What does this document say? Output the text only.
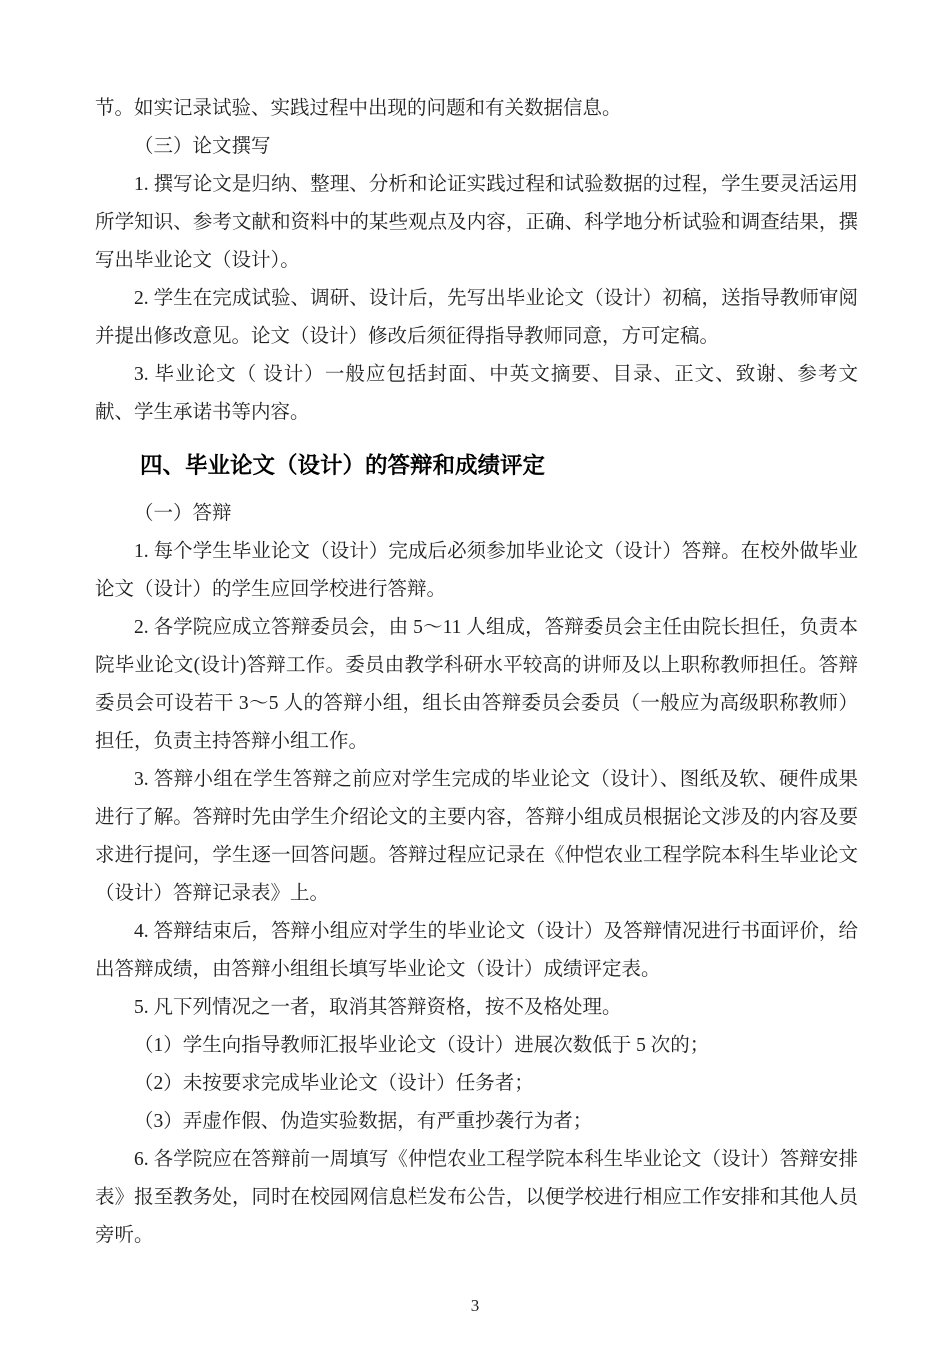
节。如实记录试验、实践过程中出现的问题和有关数据信息。

（三）论文撰写

1. 撰写论文是归纳、整理、分析和论证实践过程和试验数据的过程，学生要灵活运用所学知识、参考文献和资料中的某些观点及内容，正确、科学地分析试验和调查结果，撰写出毕业论文（设计）。

2. 学生在完成试验、调研、设计后，先写出毕业论文（设计）初稿，送指导教师审阅并提出修改意见。论文（设计）修改后须征得指导教师同意，方可定稿。

3. 毕业论文（ 设计）一般应包括封面、中英文摘要、目录、正文、致谢、参考文献、学生承诺书等内容。

四、毕业论文（设计）的答辩和成绩评定

（一）答辩

1. 每个学生毕业论文（设计）完成后必须参加毕业论文（设计）答辩。在校外做毕业论文（设计）的学生应回学校进行答辩。

2. 各学院应成立答辩委员会，由 5～11 人组成，答辩委员会主任由院长担任，负责本院毕业论文(设计)答辩工作。委员由教学科研水平较高的讲师及以上职称教师担任。答辩委员会可设若干 3～5 人的答辩小组，组长由答辩委员会委员（一般应为高级职称教师）担任，负责主持答辩小组工作。

3. 答辩小组在学生答辩之前应对学生完成的毕业论文（设计）、图纸及软、硬件成果进行了解。答辩时先由学生介绍论文的主要内容，答辩小组成员根据论文涉及的内容及要求进行提问，学生逐一回答问题。答辩过程应记录在《仲恺农业工程学院本科生毕业论文（设计）答辩记录表》上。

4. 答辩结束后，答辩小组应对学生的毕业论文（设计）及答辩情况进行书面评价，给出答辩成绩，由答辩小组组长填写毕业论文（设计）成绩评定表。

5. 凡下列情况之一者，取消其答辩资格，按不及格处理。

（1）学生向指导教师汇报毕业论文（设计）进展次数低于 5 次的；

（2）未按要求完成毕业论文（设计）任务者；

（3）弄虚作假、伪造实验数据，有严重抄袭行为者；

6. 各学院应在答辩前一周填写《仲恺农业工程学院本科生毕业论文（设计）答辩安排表》报至教务处，同时在校园网信息栏发布公告，以便学校进行相应工作安排和其他人员旁听。

3
